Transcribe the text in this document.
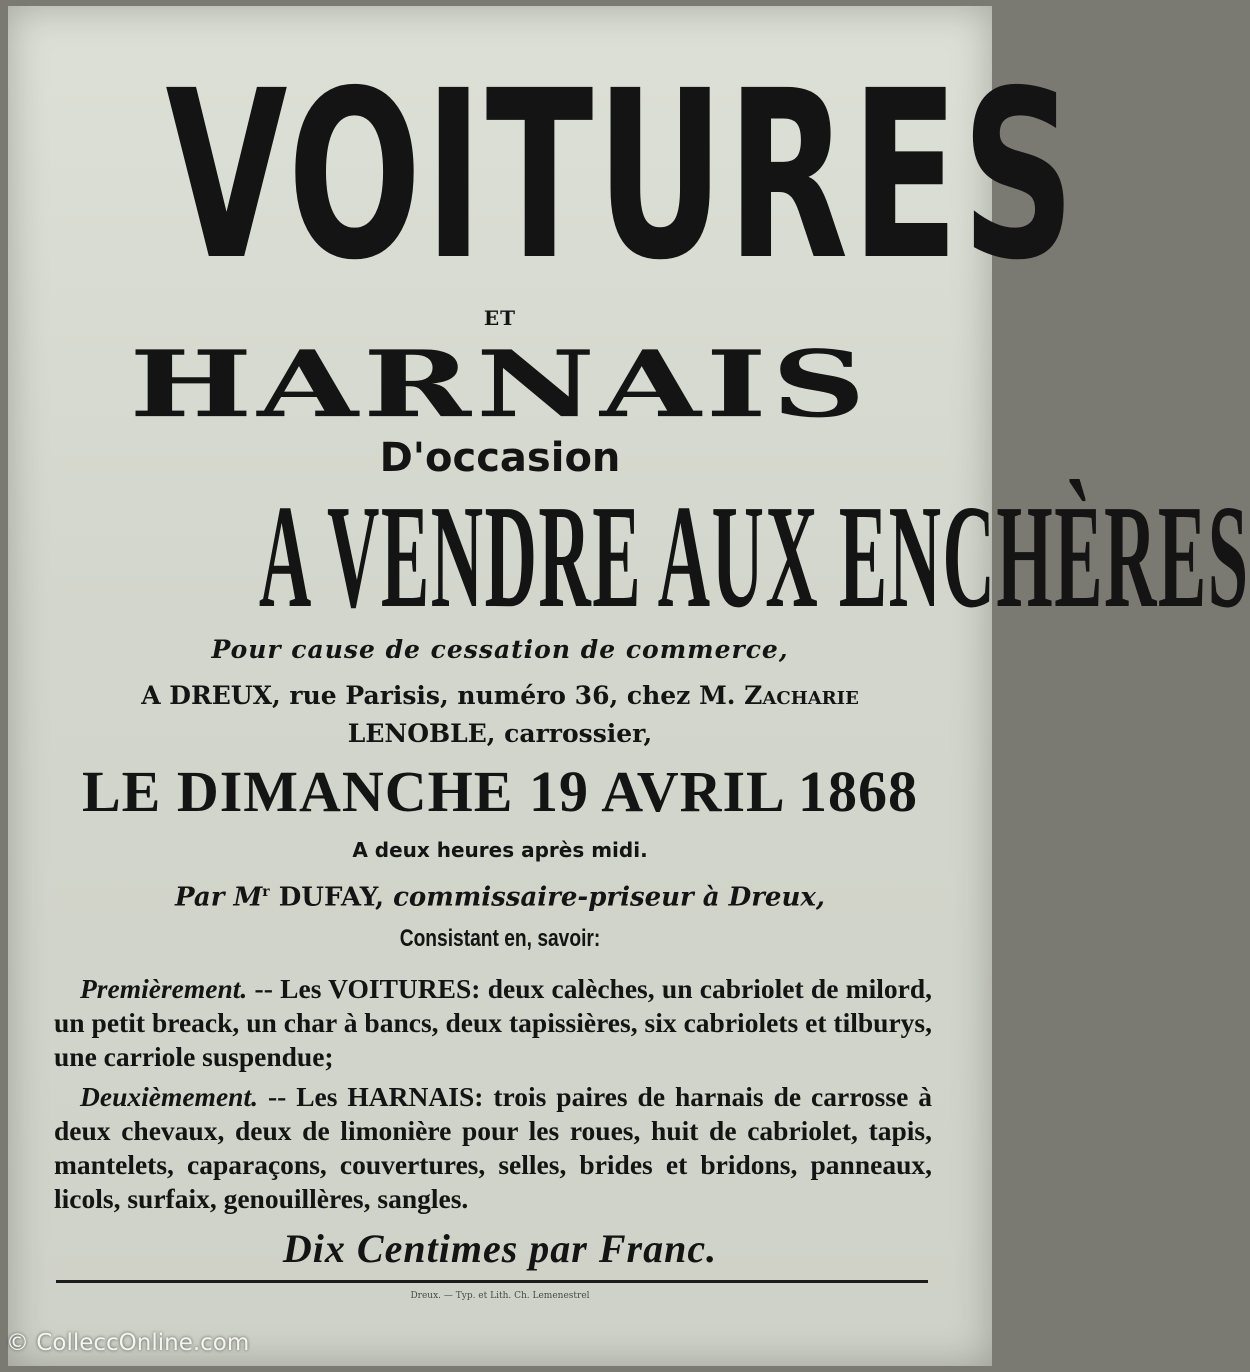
VOITURES
ET
HARNAIS
D'occasion
A VENDRE AUX ENCHÈRES
Pour cause de cessation de commerce,
A DREUX, rue Parisis, numéro 36, chez M. Zacharie
LENOBLE, carrossier,
LE DIMANCHE 19 AVRIL 1868
A deux heures après midi.
Par $M^r$ DUFAY, commissaire-priseur à Dreux,
Consistant en, savoir:
Premièrement. -- Les VOITURES: deux calèches, un cabriolet de milord, un petit breack, un char à bancs, deux tapissières, six cabriolets et tilburys, une carriole suspendue;
Deuxièmement. -- Les HARNAIS: trois paires de harnais de carrosse à deux chevaux, deux de limonière pour les roues, huit de cabriolet, tapis, mantelets, caparaçons, couvertures, selles, brides et bridons, panneaux, licols, surfaix, genouillères, sangles.
Dix Centimes par Franc.
Dreux. — Typ. et Lith. Ch. Lemenestrel
© ColleccOnline.com
